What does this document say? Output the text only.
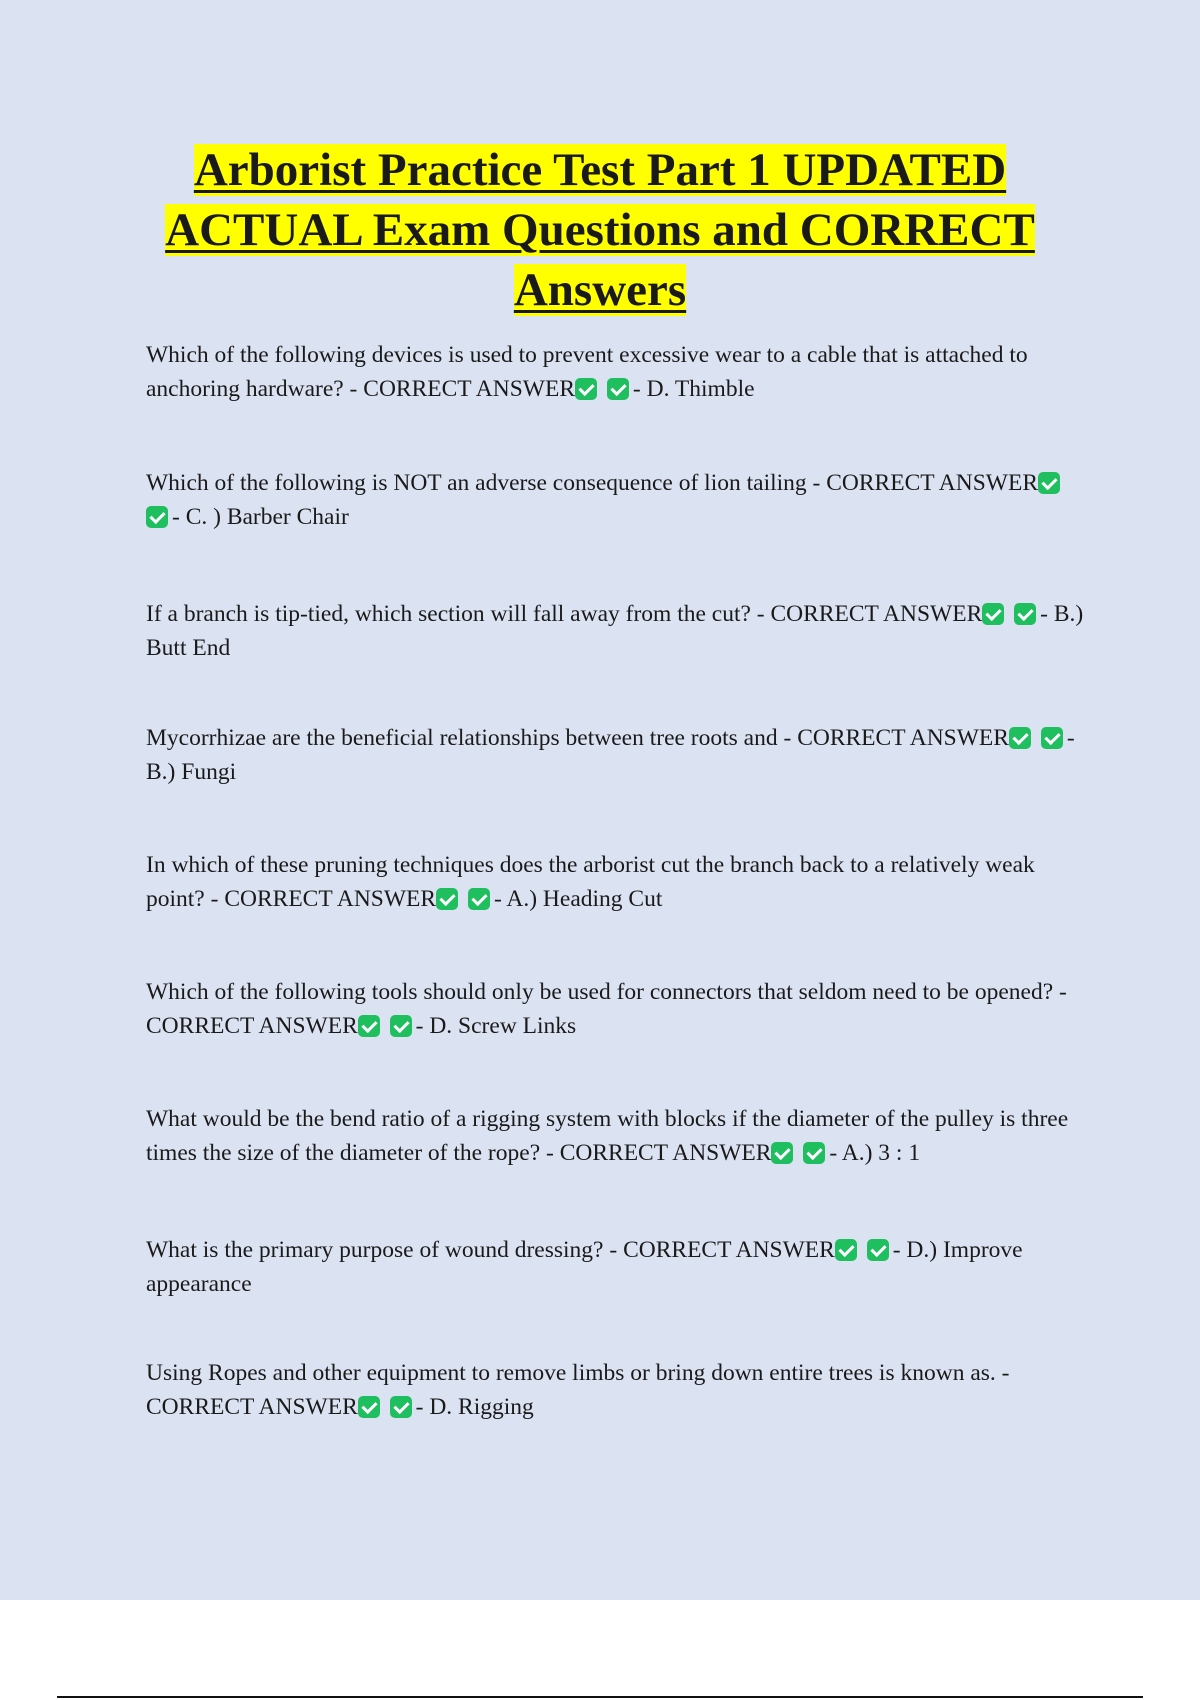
Arborist Practice Test Part 1 UPDATED ACTUAL Exam Questions and CORRECT Answers

Which of the following devices is used to prevent excessive wear to a cable that is attached to anchoring hardware? - CORRECT ANSWER - D. Thimble

Which of the following is NOT an adverse consequence of lion tailing - CORRECT ANSWER - C. ) Barber Chair

If a branch is tip-tied, which section will fall away from the cut? - CORRECT ANSWER - B.) Butt End

Mycorrhizae are the beneficial relationships between tree roots and - CORRECT ANSWER - B.) Fungi

In which of these pruning techniques does the arborist cut the branch back to a relatively weak point? - CORRECT ANSWER - A.) Heading Cut

Which of the following tools should only be used for connectors that seldom need to be opened? - CORRECT ANSWER - D. Screw Links

What would be the bend ratio of a rigging system with blocks if the diameter of the pulley is three times the size of the diameter of the rope? - CORRECT ANSWER - A.) 3 : 1

What is the primary purpose of wound dressing? - CORRECT ANSWER - D.) Improve appearance

Using Ropes and other equipment to remove limbs or bring down entire trees is known as. - CORRECT ANSWER - D. Rigging
